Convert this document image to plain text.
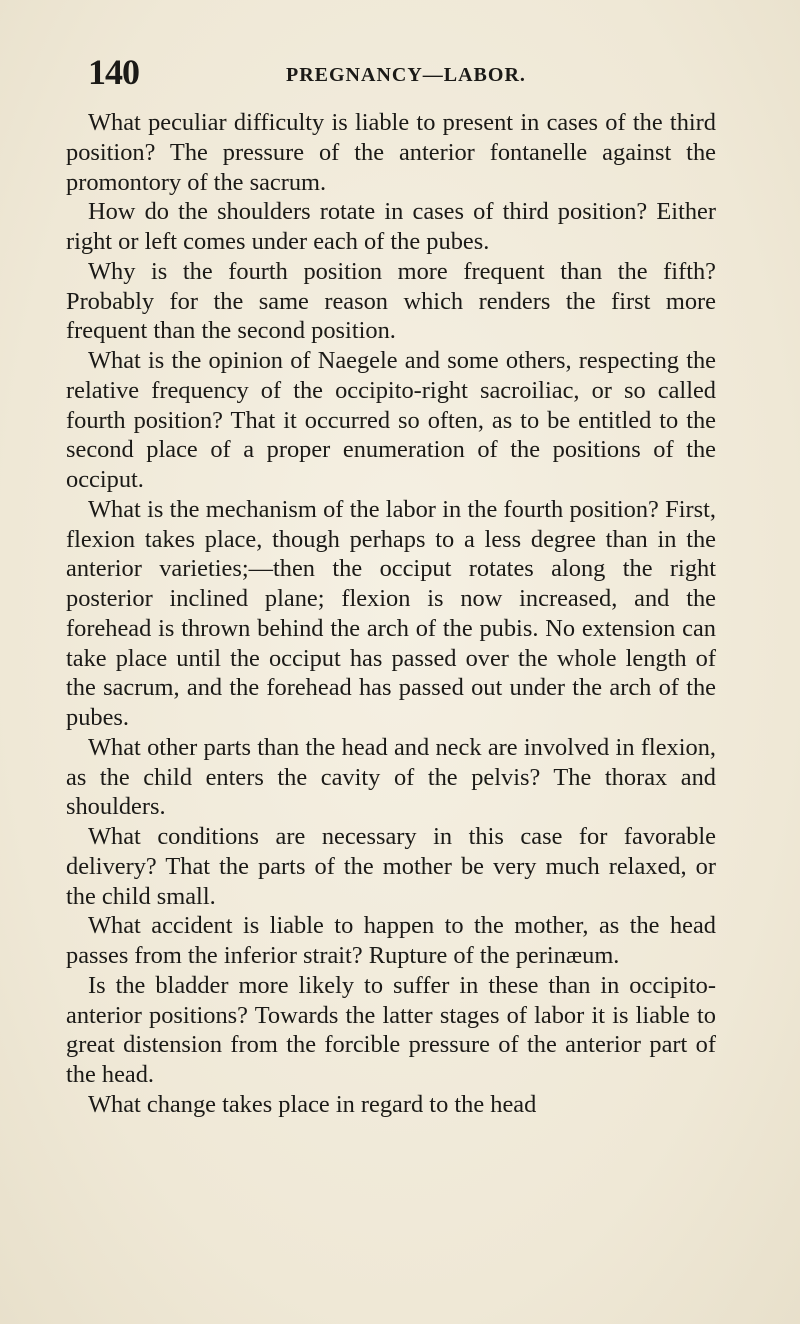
140	PREGNANCY—LABOR.

What peculiar difficulty is liable to present in cases of the third position? The pressure of the anterior fontanelle against the promontory of the sacrum.

How do the shoulders rotate in cases of third position? Either right or left comes under each of the pubes.

Why is the fourth position more frequent than the fifth? Probably for the same reason which renders the first more frequent than the second position.

What is the opinion of Naegele and some others, respecting the relative frequency of the occipito-right sacroiliac, or so called fourth position? That it occurred so often, as to be entitled to the second place of a proper enumeration of the positions of the occiput.

What is the mechanism of the labor in the fourth position? First, flexion takes place, though perhaps to a less degree than in the anterior varieties;—then the occiput rotates along the right posterior inclined plane; flexion is now increased, and the forehead is thrown behind the arch of the pubis. No extension can take place until the occiput has passed over the whole length of the sacrum, and the forehead has passed out under the arch of the pubes.

What other parts than the head and neck are involved in flexion, as the child enters the cavity of the pelvis? The thorax and shoulders.

What conditions are necessary in this case for favorable delivery? That the parts of the mother be very much relaxed, or the child small.

What accident is liable to happen to the mother, as the head passes from the inferior strait? Rupture of the perinæum.

Is the bladder more likely to suffer in these than in occipito-anterior positions? Towards the latter stages of labor it is liable to great distension from the forcible pressure of the anterior part of the head.

What change takes place in regard to the head
